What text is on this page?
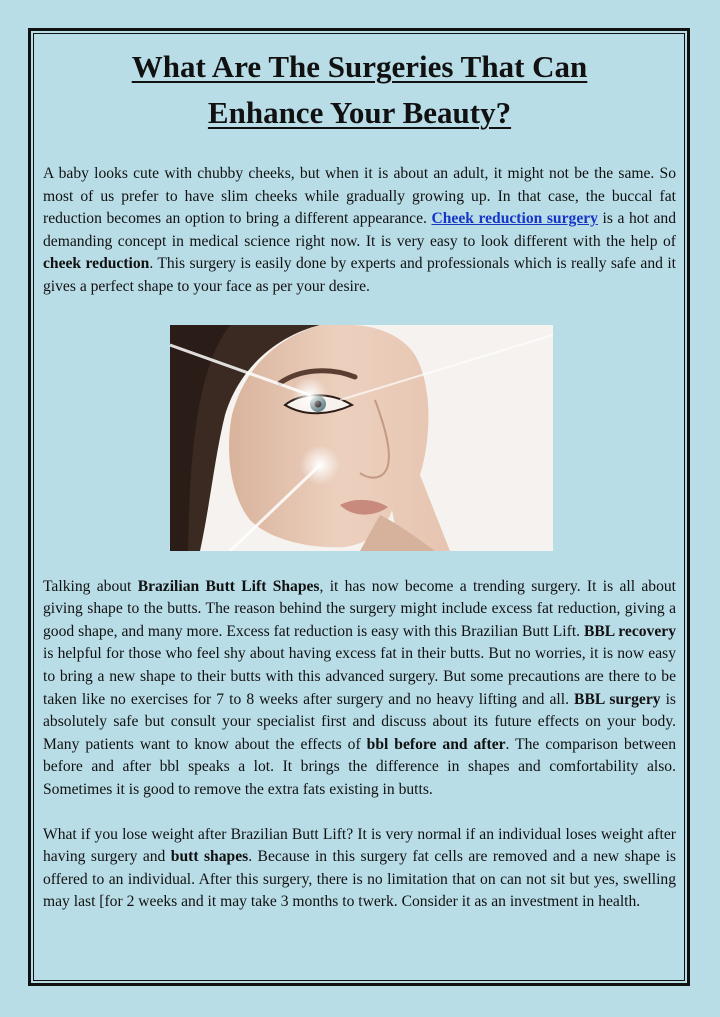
What Are The Surgeries That Can
Enhance Your Beauty?

A baby looks cute with chubby cheeks, but when it is about an adult, it might not be the same. So most of us prefer to have slim cheeks while gradually growing up. In that case, the buccal fat reduction becomes an option to bring a different appearance. Cheek reduction surgery is a hot and demanding concept in medical science right now. It is very easy to look different with the help of cheek reduction. This surgery is easily done by experts and professionals which is really safe and it gives a perfect shape to your face as per your desire.

Talking about Brazilian Butt Lift Shapes, it has now become a trending surgery. It is all about giving shape to the butts. The reason behind the surgery might include excess fat reduction, giving a good shape, and many more. Excess fat reduction is easy with this Brazilian Butt Lift. BBL recovery is helpful for those who feel shy about having excess fat in their butts. But no worries, it is now easy to bring a new shape to their butts with this advanced surgery. But some precautions are there to be taken like no exercises for 7 to 8 weeks after surgery and no heavy lifting and all. BBL surgery is absolutely safe but consult your specialist first and discuss about its future effects on your body. Many patients want to know about the effects of bbl before and after. The comparison between before and after bbl speaks a lot. It brings the difference in shapes and comfortability also. Sometimes it is good to remove the extra fats existing in butts.

What if you lose weight after Brazilian Butt Lift? It is very normal if an individual loses weight after having surgery and butt shapes. Because in this surgery fat cells are removed and a new shape is offered to an individual. After this surgery, there is no limitation that on can not sit but yes, swelling may last [for 2 weeks and it may take 3 months to twerk. Consider it as an investment in health.
